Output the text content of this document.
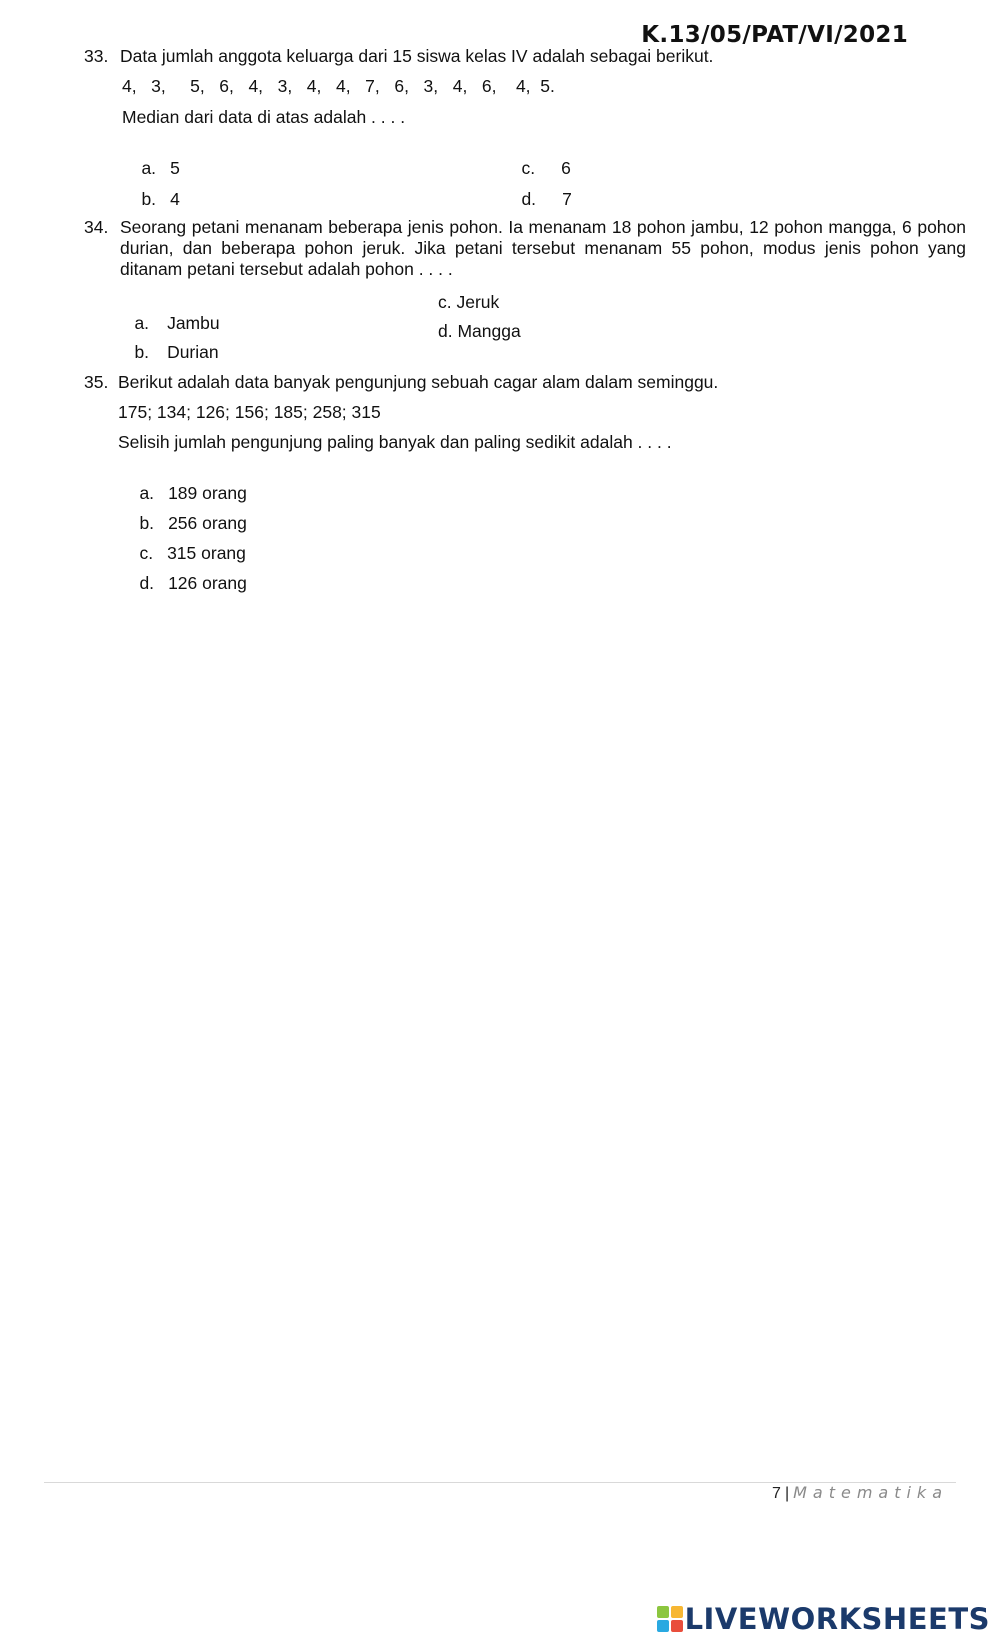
K.13/05/PAT/VI/2021
33. Data jumlah anggota keluarga dari 15 siswa kelas IV adalah sebagai berikut.
4,   3,     5,   6,   4,   3,   4,   4,   7,   6,   3,   4,   6,    4,  5.
Median dari data di atas adalah . . . .

a. 5

b. 4

c. 6

d. 7

34. Seorang petani menanam beberapa jenis pohon. Ia menanam 18 pohon jambu, 12 pohon mangga, 6 pohon durian, dan beberapa pohon jeruk. Jika petani tersebut menanam 55 pohon, modus jenis pohon yang ditanam petani tersebut adalah pohon . . . .

a. Jambu

b. Durian

c. Jeruk
d. Mangga
35. Berikut adalah data banyak pengunjung sebuah cagar alam dalam seminggu.
175; 134; 126; 156; 185; 258; 315
Selisih jumlah pengunjung paling banyak dan paling sedikit adalah . . . .

a. 189 orang

b. 256 orang

c. 315 orang

d. 126 orang

7 | Matematika
LIVEWORKSHEETS
